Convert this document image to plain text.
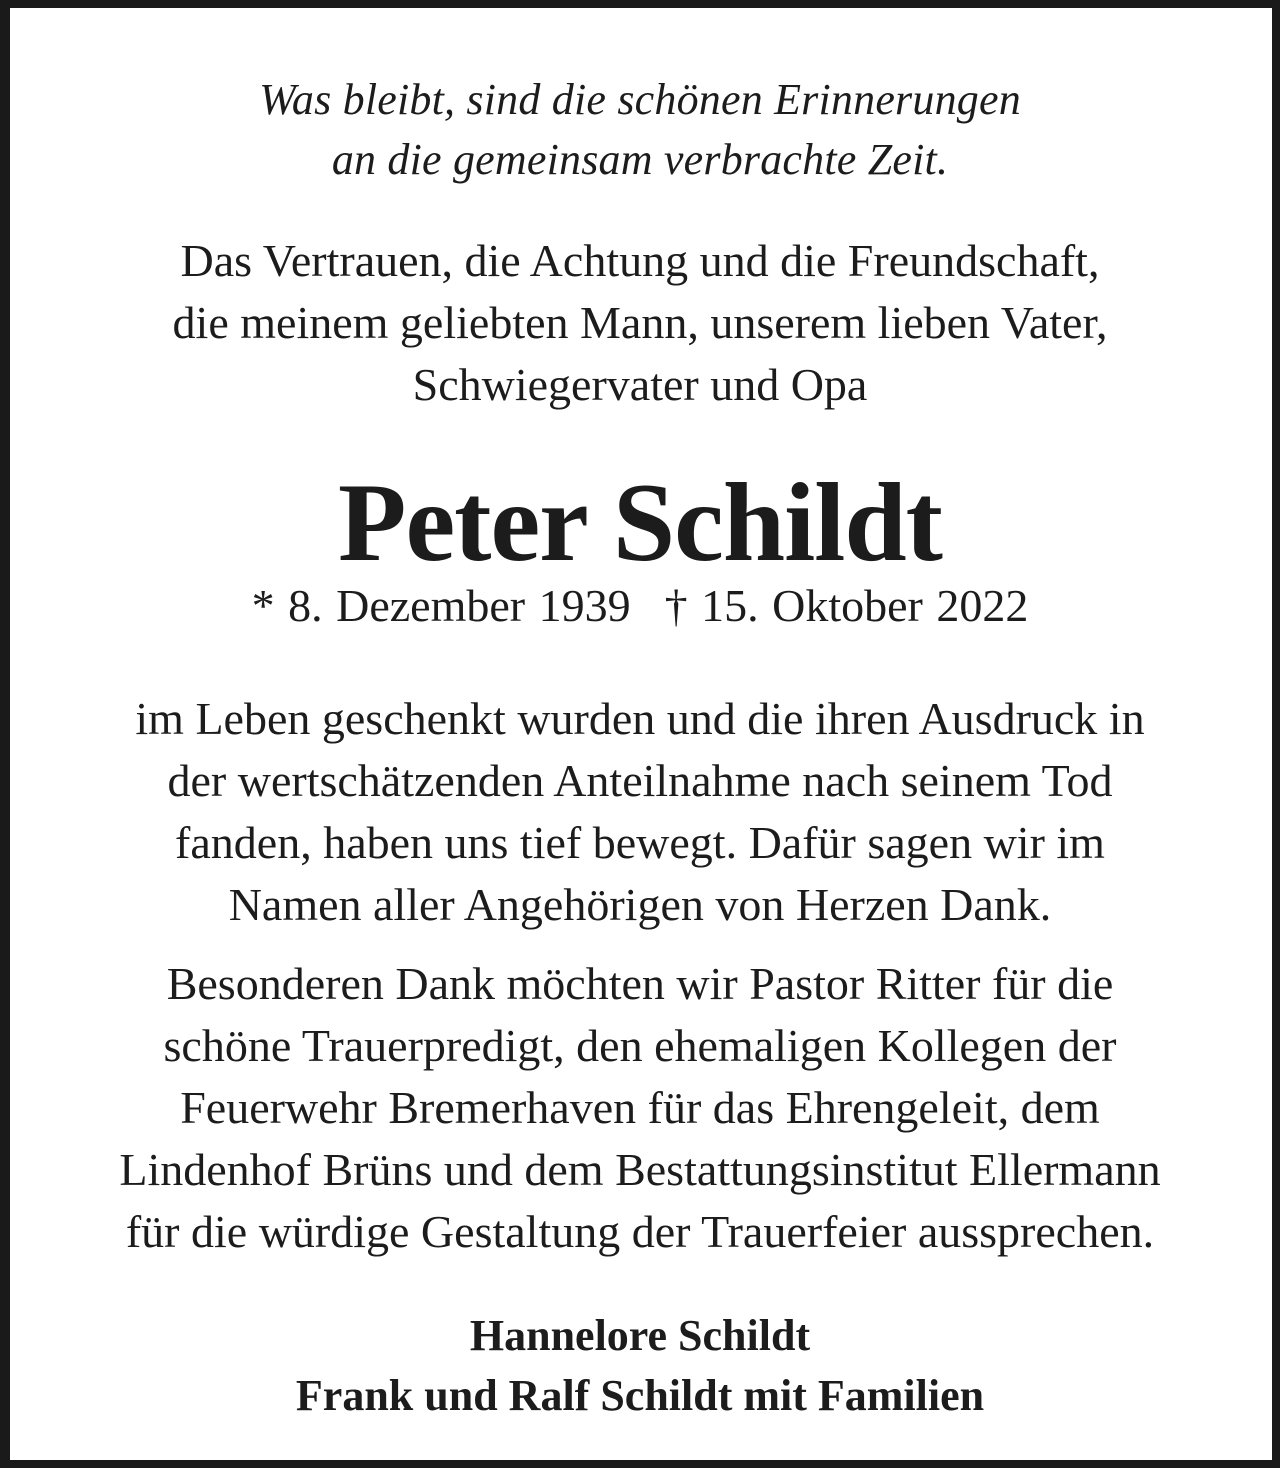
Was bleibt, sind die schönen Erinnerungen
an die gemeinsam verbrachte Zeit.
Das Vertrauen, die Achtung und die Freundschaft,
die meinem geliebten Mann, unserem lieben Vater,
Schwiegervater und Opa
Peter Schildt
* 8. Dezember 1939 † 15. Oktober 2022
im Leben geschenkt wurden und die ihren Ausdruck in
der wertschätzenden Anteilnahme nach seinem Tod
fanden, haben uns tief bewegt. Dafür sagen wir im
Namen aller Angehörigen von Herzen Dank.
Besonderen Dank möchten wir Pastor Ritter für die
schöne Trauerpredigt, den ehemaligen Kollegen der
Feuerwehr Bremerhaven für das Ehrengeleit, dem
Lindenhof Brüns und dem Bestattungsinstitut Ellermann
für die würdige Gestaltung der Trauerfeier aussprechen.
Hannelore Schildt
Frank und Ralf Schildt mit Familien
